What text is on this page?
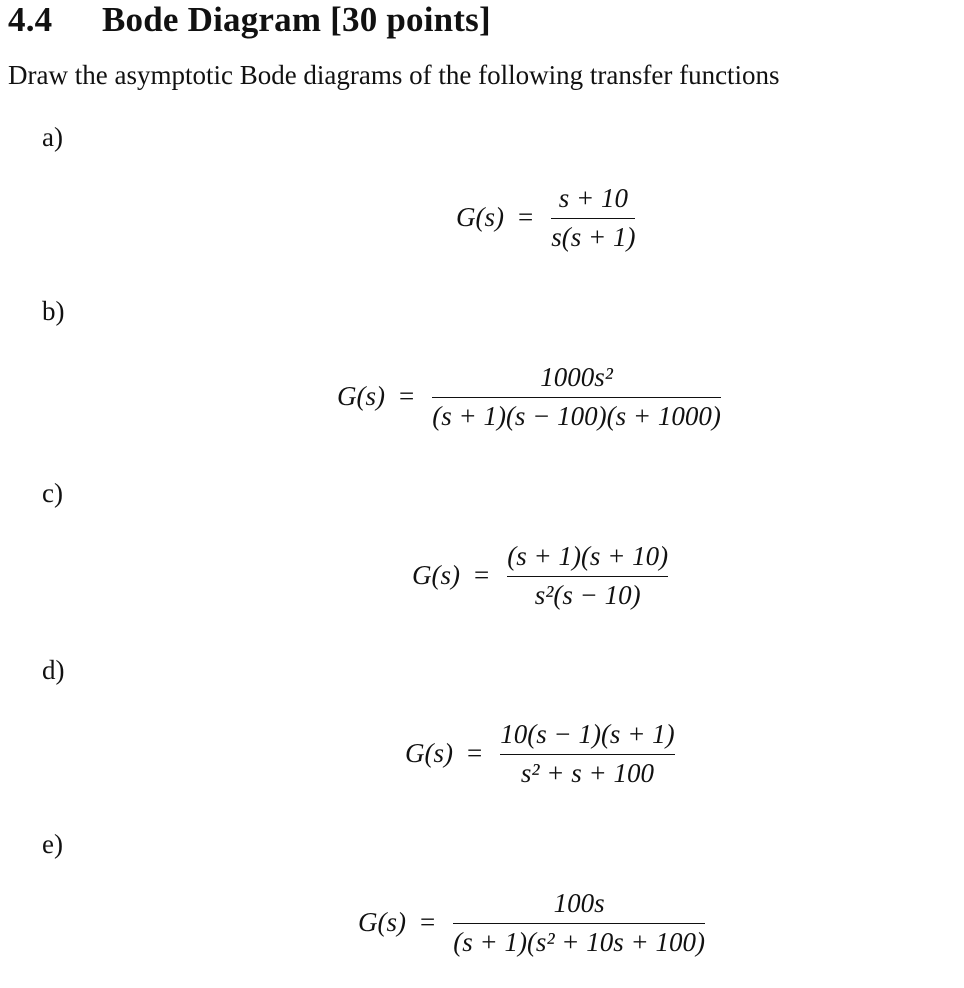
4.4 Bode Diagram [30 points]
Draw the asymptotic Bode diagrams of the following transfer functions
a)
$G(s) = \frac{s + 10}{s(s + 1)}$
b)
$G(s) = \frac{\text{1000s²}}{(s + 1)(s - 100)(s + 1000)}$
c)
$G(s) = \frac{(s + 1)(s + 10)}{\text{s²(s − 10)}}$
d)
$G(s) = \frac{10(s - 1)(s + 1)}{\text{s² + s + 100}}$
e)
$G(s) = \frac{100s}{\text{(s + 1)(s² + 10s + 100)}}$
